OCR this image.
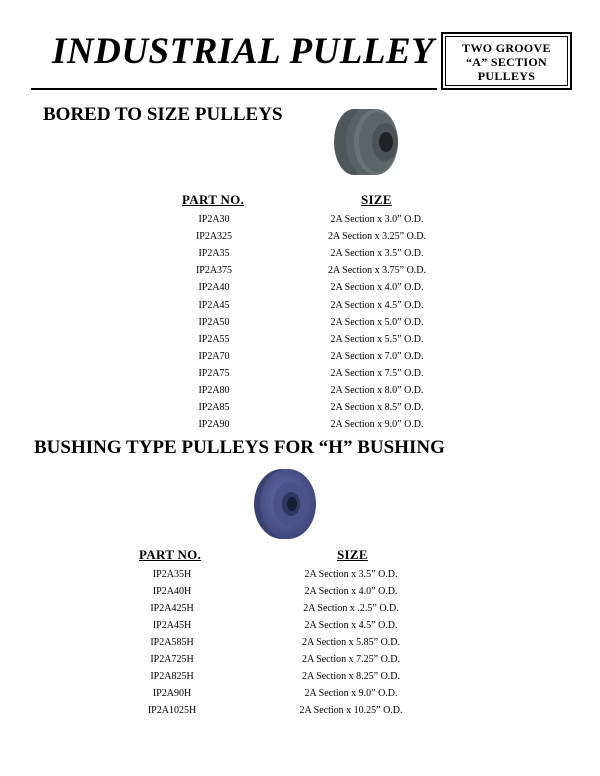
INDUSTRIAL PULLEY	TWO GROOVE
“A” SECTION
PULLEYS
BORED TO SIZE PULLEYS
PART NO.	SIZE
IP2A30	2A Section x 3.0” O.D.
IP2A325	2A Section x 3.25” O.D.
IP2A35	2A Section x 3.5” O.D.
IP2A375	2A Section x 3.75” O.D.
IP2A40	2A Section x 4.0” O.D.
IP2A45	2A Section x 4.5” O.D.
IP2A50	2A Section x 5.0” O.D.
IP2A55	2A Section x 5.5” O.D.
IP2A70	2A Section x 7.0” O.D.
IP2A75	2A Section x 7.5” O.D.
IP2A80	2A Section x 8.0” O.D.
IP2A85	2A Section x 8.5” O.D.
IP2A90	2A Section x 9.0” O.D.
BUSHING TYPE PULLEYS FOR “H” BUSHING
PART NO.	SIZE
IP2A35H	2A Section x 3.5” O.D.
IP2A40H	2A Section x 4.0” O.D.
IP2A425H	2A Section x .2.5” O.D.
IP2A45H	2A Section x 4.5” O.D.
IP2A585H	2A Section x 5.85” O.D.
IP2A725H	2A Section x 7.25” O.D.
IP2A825H	2A Section x 8.25” O.D.
IP2A90H	2A Section x 9.0” O.D.
IP2A1025H	2A Section x 10.25” O.D.
